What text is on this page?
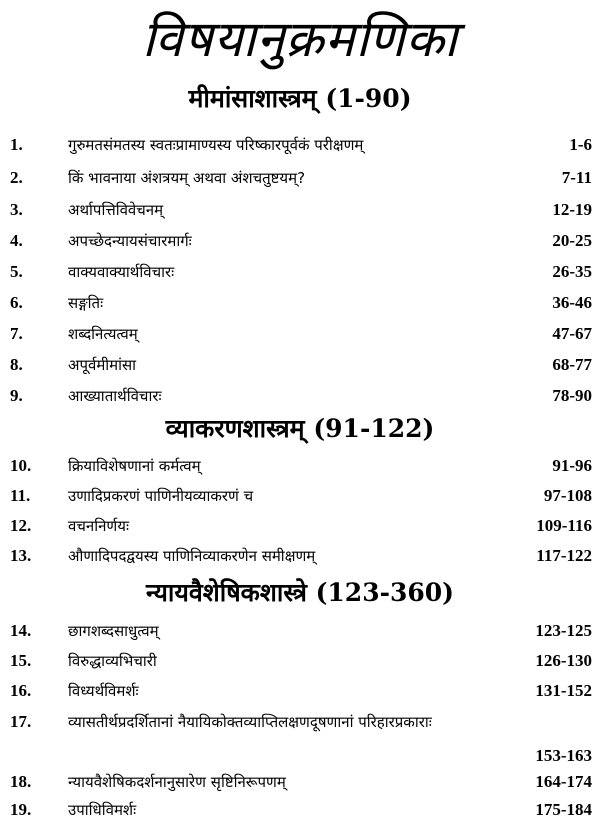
विषयानुक्रमणिका
मीमांसाशास्त्रम् (1-90)
1.	गुरुमतसंमतस्य स्वतःप्रामाण्यस्य परिष्कारपूर्वकं परीक्षणम्	1-6
2.	किं भावनाया अंशत्रयम् अथवा अंशचतुष्टयम्?	7-11
3.	अर्थापत्तिविवेचनम्	12-19
4.	अपच्छेदन्यायसंचारमार्गः	20-25
5.	वाक्यवाक्यार्थविचारः	26-35
6.	सङ्गतिः	36-46
7.	शब्दनित्यत्वम्	47-67
8.	अपूर्वमीमांसा	68-77
9.	आख्यातार्थविचारः	78-90
व्याकरणशास्त्रम् (91-122)
10. क्रियाविशेषणानां कर्मत्वम्	91-96
11.	उणादिप्रकरणं पाणिनीयव्याकरणं च	97-108
12. वचननिर्णयः	109-116
13. औणादिपदद्वयस्य पाणिनिव्याकरणेन समीक्षणम्	117-122
न्यायवैशेषिकशास्त्रे (123-360)
14. छागशब्दसाधुत्वम्	123-125
15. विरुद्धाव्यभिचारी	126-130
16. विध्यर्थविमर्शः	131-152
17. व्यासतीर्थप्रदर्शितानां नैयायिकोक्तव्याप्तिलक्षणदूषणानां परिहारप्रकाराः
153-163
18. न्यायवैशेषिकदर्शनानुसारेण सृष्टिनिरूपणम्	164-174
19. उपाधिविमर्शः	175-184
